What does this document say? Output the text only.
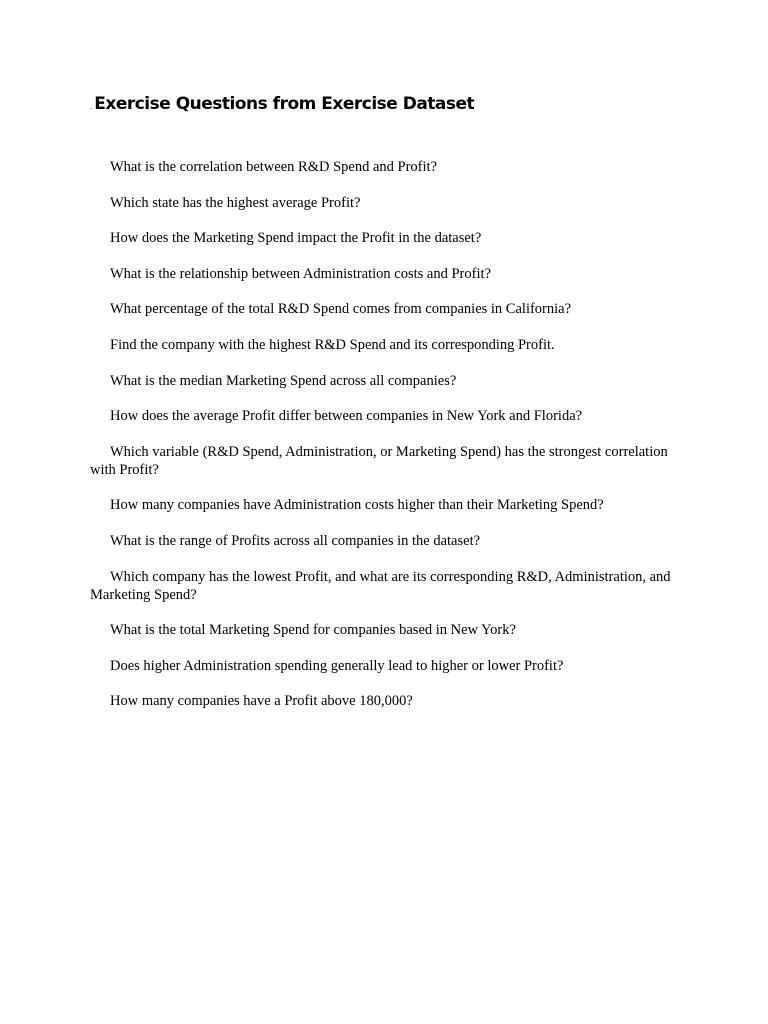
. Exercise Questions from Exercise Dataset
What is the correlation between R&D Spend and Profit?
Which state has the highest average Profit?
How does the Marketing Spend impact the Profit in the dataset?
What is the relationship between Administration costs and Profit?
What percentage of the total R&D Spend comes from companies in California?
Find the company with the highest R&D Spend and its corresponding Profit.
What is the median Marketing Spend across all companies?
How does the average Profit differ between companies in New York and Florida?
Which variable (R&D Spend, Administration, or Marketing Spend) has the strongest correlation with Profit?
How many companies have Administration costs higher than their Marketing Spend?
What is the range of Profits across all companies in the dataset?
Which company has the lowest Profit, and what are its corresponding R&D, Administration, and Marketing Spend?
What is the total Marketing Spend for companies based in New York?
Does higher Administration spending generally lead to higher or lower Profit?
How many companies have a Profit above 180,000?
